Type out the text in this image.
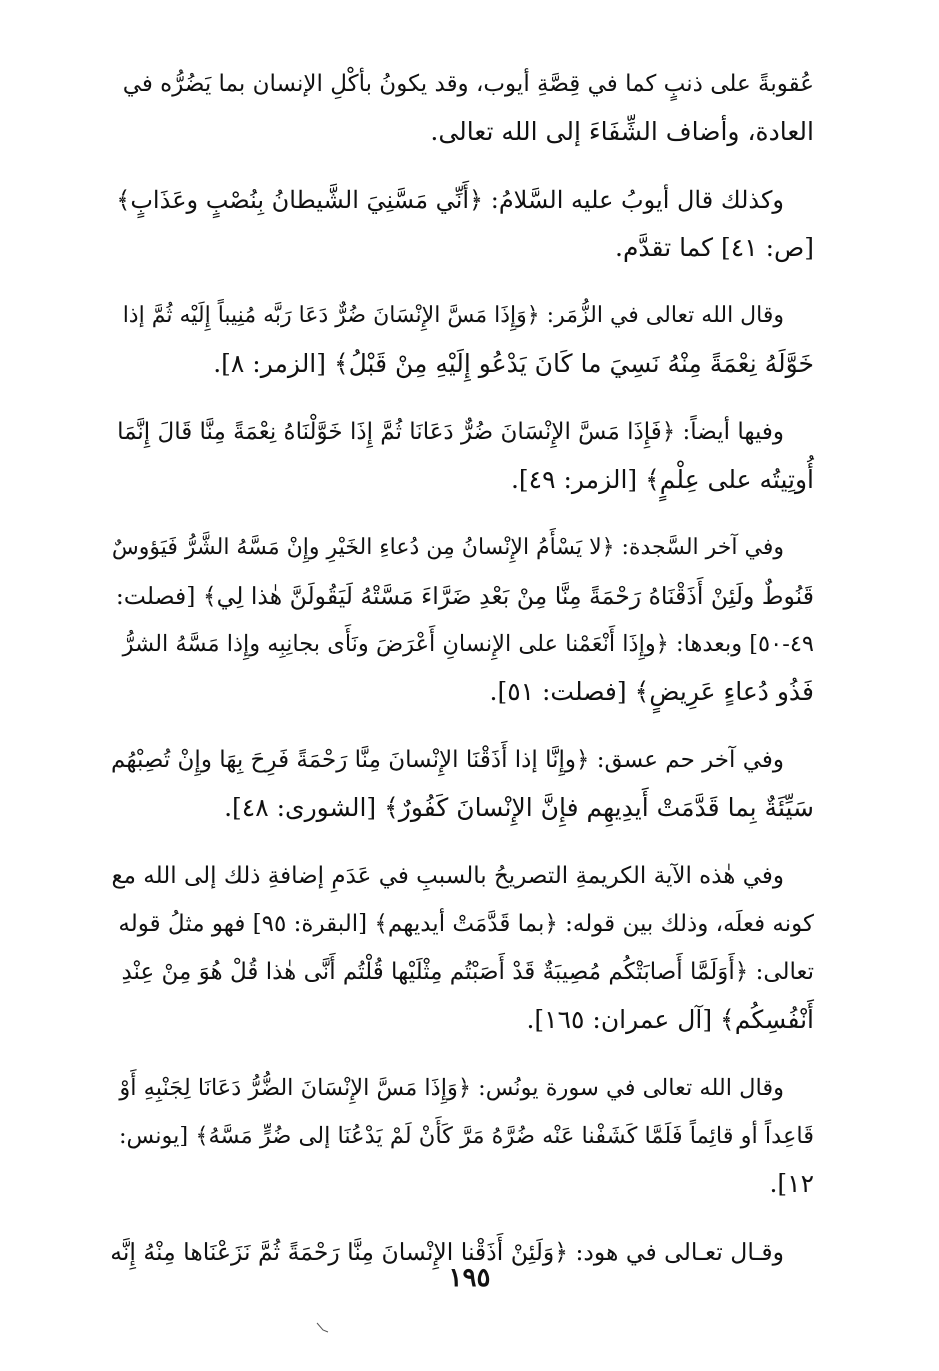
عُقوبةً على ذنبٍ كما في قِصَّةِ أيوب، وقد يكونُ بأكْلِ الإنسان بما يَضُرُّه في
العادة، وأضاف الشِّفَاءَ إلى الله تعالى.
وكذلك قال أيوبُ عليه السَّلامُ: ﴿أَنِّي مَسَّنِيَ الشَّيطانُ بِنُصْبٍ وعَذَابٍ﴾
[ص: ٤١] كما تقدَّم.
وقال الله تعالى في الزُّمَر: ﴿وَإِذَا مَسَّ الإِنْسَانَ ضُرٌّ دَعَا رَبَّه مُنِيباً إِلَيْه ثُمَّ إذا
خَوَّلَهُ نِعْمَةً مِنْهُ نَسِيَ ما كَانَ يَدْعُو إِلَيْهِ مِنْ قَبْلُ﴾ [الزمر: ٨].
وفيها أيضاً: ﴿فَإِذَا مَسَّ الإِنْسَانَ ضُرٌّ دَعَانَا ثُمَّ إِذَا خَوَّلْنَاهُ نِعْمَةً مِنَّا قَالَ إِنَّمَا
أُوتِيتُه على عِلْمٍ﴾ [الزمر: ٤٩].
وفي آخر السَّجدة: ﴿لا يَسْأَمُ الإِنْسانُ مِن دُعاءِ الخَيْرِ وإِنْ مَسَّهُ الشَّرُّ فَيَؤوسٌ
قَنُوطٌ ولَئِنْ أَذَقْنَاهُ رَحْمَةً مِنَّا مِنْ بَعْدِ ضَرَّاءَ مَسَّتْهُ لَيَقُولَنَّ هٰذا لِي﴾ [فصلت:
٤٩-٥٠] وبعدها: ﴿وإِذَا أَنْعَمْنا على الإِنسانِ أَعْرَضَ ونَأَى بجانِبِه وإِذا مَسَّهُ الشرُّ
فَذُو دُعاءٍ عَرِيضٍ﴾ [فصلت: ٥١].
وفي آخر حم عسق: ﴿وإِنَّا إذا أَذَقْنَا الإِنْسانَ مِنَّا رَحْمَةً فَرِحَ بِهَا وإِنْ تُصِبْهُم
سَيِّئَةٌ بِما قَدَّمَتْ أَيدِيهِم فإِنَّ الإِنْسانَ كَفُورٌ﴾ [الشورى: ٤٨].
وفي هٰذه الآية الكريمةِ التصريحُ بالسببِ في عَدَمِ إضافةِ ذلك إلى الله مع
كونه فعلَه، وذلك بين قوله: ﴿بما قَدَّمَتْ أيديهم﴾ [البقرة: ٩٥] فهو مثلُ قوله
تعالى: ﴿أَوَلَمَّا أَصابَتْكُم مُصِيبَةٌ قَدْ أَصَبْتُم مِثْلَيْها قُلْتُم أَنَّى هٰذا قُلْ هُوَ مِنْ عِنْدِ
أَنْفُسِكُم﴾ [آل عمران: ١٦٥].
وقال الله تعالى في سورة يونُس: ﴿وَإِذَا مَسَّ الإِنْسَانَ الضُّرُّ دَعَانَا لِجَنْبِهِ أَوْ
قَاعِداً أو قائِماً فَلَمَّا كَشَفْنا عَنْه ضُرَّهُ مَرَّ كَأَنْ لَمْ يَدْعُنَا إلى ضُرٍّ مَسَّهُ﴾ [يونس:
١٢].
وقـال تعـالى في هود: ﴿وَلَئِنْ أَذَقْنا الإِنْسانَ مِنَّا رَحْمَةً ثُمَّ نَزَعْنَاها مِنْهُ إِنَّه
١٩٥
